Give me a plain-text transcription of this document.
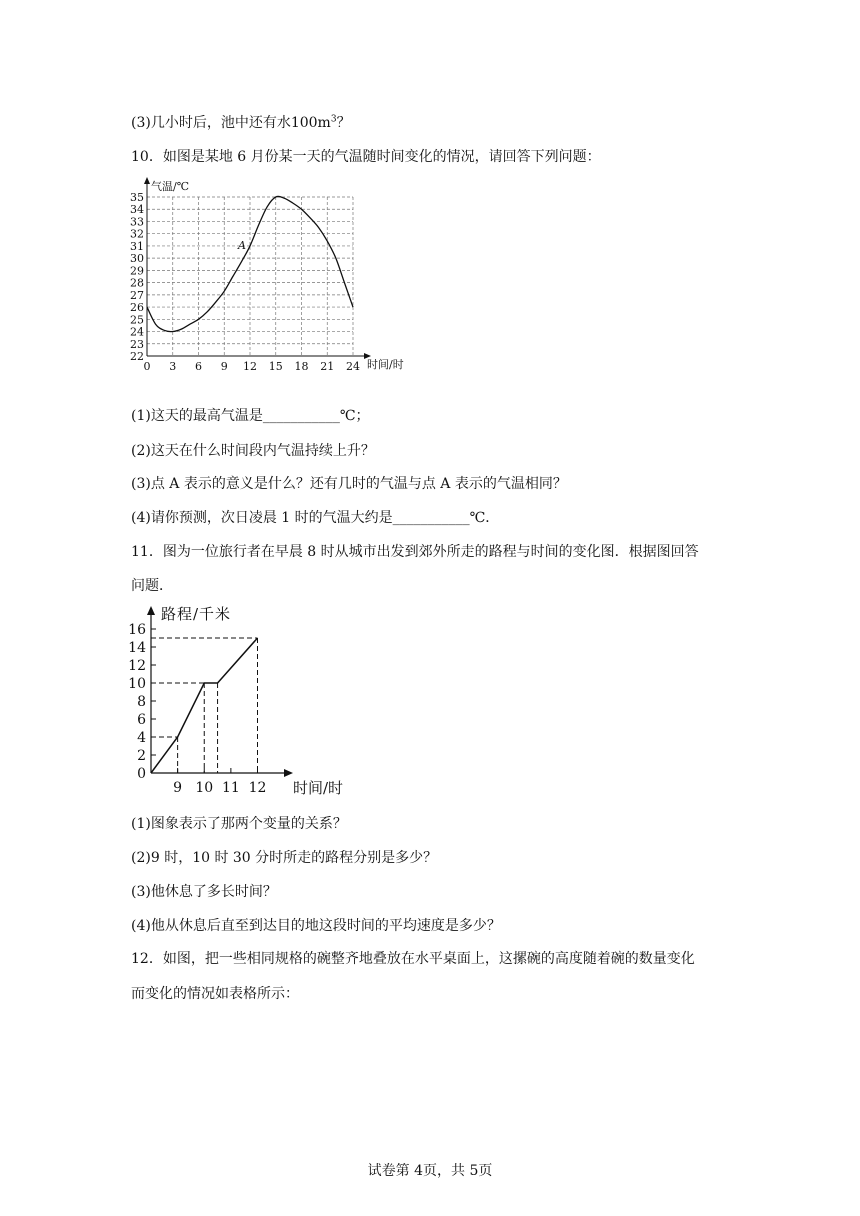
(3)几小时后，池中还有水$100m^3$？
10．如图是某地 6 月份某一天的气温随时间变化的情况，请回答下列问题：
0 3 6 9 12 15 18 21 24
22
23
24
25
26
27
28
29
30
31
32
33
34
35
气温/℃
时间/时
A
(1)这天的最高气温是___________℃；
(2)这天在什么时间段内气温持续上升？
(3)点 A 表示的意义是什么？还有几时的气温与点 A 表示的气温相同？
(4)请你预测，次日凌晨 1 时的气温大约是___________℃．
11．图为一位旅行者在早晨 8 时从城市出发到郊外所走的路程与时间的变化图．根据图回答
问题．
0
2
4
6
8
10
12
14
16
9 10 11 12
路程/千米
时间/时
(1)图象表示了那两个变量的关系？
(2)9 时，10 时 30 分时所走的路程分别是多少？
(3)他休息了多长时间？
(4)他从休息后直至到达目的地这段时间的平均速度是多少？
12．如图，把一些相同规格的碗整齐地叠放在水平桌面上，这摞碗的高度随着碗的数量变化
而变化的情况如表格所示：
试卷第 4页，共 5页
